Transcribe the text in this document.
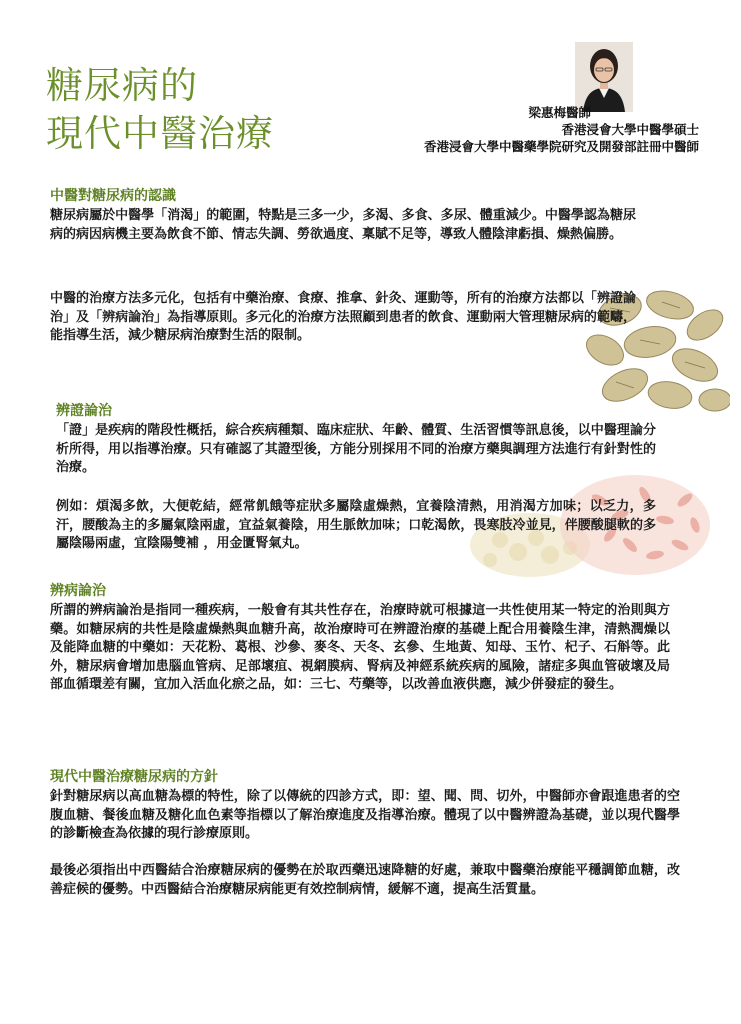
糖尿病的
現代中醫治療	梁惠梅醫師
香港浸會大學中醫學碩士
香港浸會大學中醫藥學院研究及開發部註冊中醫師
中醫對糖尿病的認識

糖尿病屬於中醫學「消渴」的範圍，特點是三多一少，多渴、多食、多尿、體重減少。中醫學認為糖尿病的病因病機主要為飲食不節、情志失調、勞欲過度、稟賦不足等，導致人體陰津虧損、燥熱偏勝。

中醫的治療方法多元化，包括有中藥治療、食療、推拿、針灸、運動等，所有的治療方法都以「辨證論治」及「辨病論治」為指導原則。多元化的治療方法照顧到患者的飲食、運動兩大管理糖尿病的範疇，能指導生活，減少糖尿病治療對生活的限制。

辨證論治

「證」是疾病的階段性概括，綜合疾病種類、臨床症狀、年齡、體質、生活習慣等訊息後，以中醫理論分析所得，用以指導治療。只有確認了其證型後，方能分別採用不同的治療方藥與調理方法進行有針對性的治療。

例如：煩渴多飲，大便乾結，經常飢餓等症狀多屬陰虛燥熱，宜養陰清熱，用消渴方加味；以乏力，多汗，腰酸為主的多屬氣陰兩虛，宜益氣養陰，用生脈飲加味；口乾渴飲，畏寒肢冷並見，伴腰酸腿軟的多屬陰陽兩虛，宜陰陽雙補 ，用金匱腎氣丸。

辨病論治

所謂的辨病論治是指同一種疾病，一般會有其共性存在，治療時就可根據這一共性使用某一特定的治則與方藥。如糖尿病的共性是陰虛燥熱與血糖升高，故治療時可在辨證治療的基礎上配合用養陰生津，清熱潤燥以及能降血糖的中藥如：天花粉、葛根、沙參、麥冬、天冬、玄參、生地黃、知母、玉竹、杞子、石斛等。此外，糖尿病會增加患腦血管病、足部壞疽、視網膜病、腎病及神經系統疾病的風險，諸症多與血管破壞及局部血循環差有關，宜加入活血化瘀之品，如：三七、芍藥等，以改善血液供應，減少併發症的發生。

現代中醫治療糖尿病的方針

針對糖尿病以高血糖為標的特性，除了以傳統的四診方式，即：望、聞、問、切外，中醫師亦會跟進患者的空腹血糖、餐後血糖及糖化血色素等指標以了解治療進度及指導治療。體現了以中醫辨證為基礎，並以現代醫學的診斷檢查為依據的現行診療原則。

最後必須指出中西醫結合治療糖尿病的優勢在於取西藥迅速降糖的好處，兼取中醫藥治療能平穩調節血糖，改善症候的優勢。中西醫結合治療糖尿病能更有效控制病情，緩解不適，提高生活質量。
